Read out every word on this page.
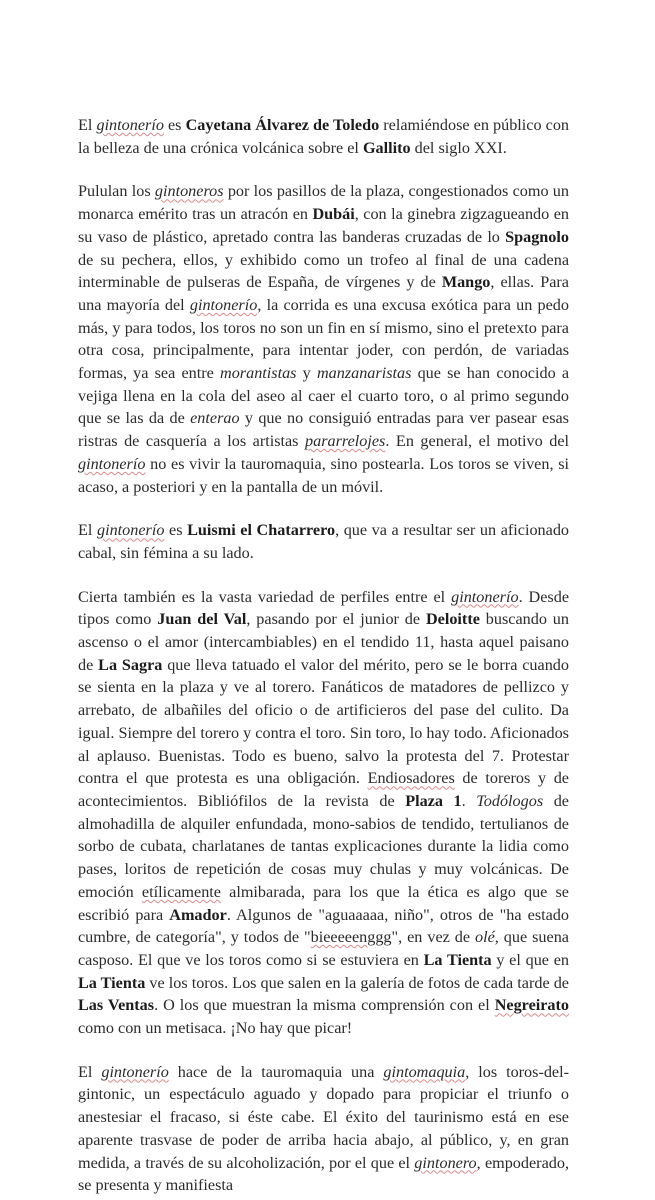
El gintonerío es Cayetana Álvarez de Toledo relamiéndose en público con la belleza de una crónica volcánica sobre el Gallito del siglo XXI.

Pululan los gintoneros por los pasillos de la plaza, congestionados como un monarca emérito tras un atracón en Dubái, con la ginebra zigzagueando en su vaso de plástico, apretado contra las banderas cruzadas de lo Spagnolo de su pechera, ellos, y exhibido como un trofeo al final de una cadena interminable de pulseras de España, de vírgenes y de Mango, ellas. Para una mayoría del gintonerío, la corrida es una excusa exótica para un pedo más, y para todos, los toros no son un fin en sí mismo, sino el pretexto para otra cosa, principalmente, para intentar joder, con perdón, de variadas formas, ya sea entre morantistas y manzanaristas que se han conocido a vejiga llena en la cola del aseo al caer el cuarto toro, o al primo segundo que se las da de enterao y que no consiguió entradas para ver pasear esas ristras de casquería a los artistas pararrelojes. En general, el motivo del gintonerío no es vivir la tauromaquia, sino postearla. Los toros se viven, si acaso, a posteriori y en la pantalla de un móvil.

El gintonerío es Luismi el Chatarrero, que va a resultar ser un aficionado cabal, sin fémina a su lado.

Cierta también es la vasta variedad de perfiles entre el gintonerío. Desde tipos como Juan del Val, pasando por el junior de Deloitte buscando un ascenso o el amor (intercambiables) en el tendido 11, hasta aquel paisano de La Sagra que lleva tatuado el valor del mérito, pero se le borra cuando se sienta en la plaza y ve al torero. Fanáticos de matadores de pellizco y arrebato, de albañiles del oficio o de artificieros del pase del culito. Da igual. Siempre del torero y contra el toro. Sin toro, lo hay todo. Aficionados al aplauso. Buenistas. Todo es bueno, salvo la protesta del 7. Protestar contra el que protesta es una obligación. Endiosadores de toreros y de acontecimientos. Bibliófilos de la revista de Plaza 1. Todólogos de almohadilla de alquiler enfundada, mono-sabios de tendido, tertulianos de sorbo de cubata, charlatanes de tantas explicaciones durante la lidia como pases, loritos de repetición de cosas muy chulas y muy volcánicas. De emoción etílicamente almibarada, para los que la ética es algo que se escribió para Amador. Algunos de "aguaaaaa, niño", otros de "ha estado cumbre, de categoría", y todos de "bieeeeenggg", en vez de olé, que suena casposo. El que ve los toros como si se estuviera en La Tienta y el que en La Tienta ve los toros. Los que salen en la galería de fotos de cada tarde de Las Ventas. O los que muestran la misma comprensión con el Negreirato como con un metisaca. ¡No hay que picar!

El gintonerío hace de la tauromaquia una gintomaquia, los toros-del-gintonic, un espectáculo aguado y dopado para propiciar el triunfo o anestesiar el fracaso, si éste cabe. El éxito del taurinismo está en ese aparente trasvase de poder de arriba hacia abajo, al público, y, en gran medida, a través de su alcoholización, por el que el gintonero, empoderado, se presenta y manifiesta
